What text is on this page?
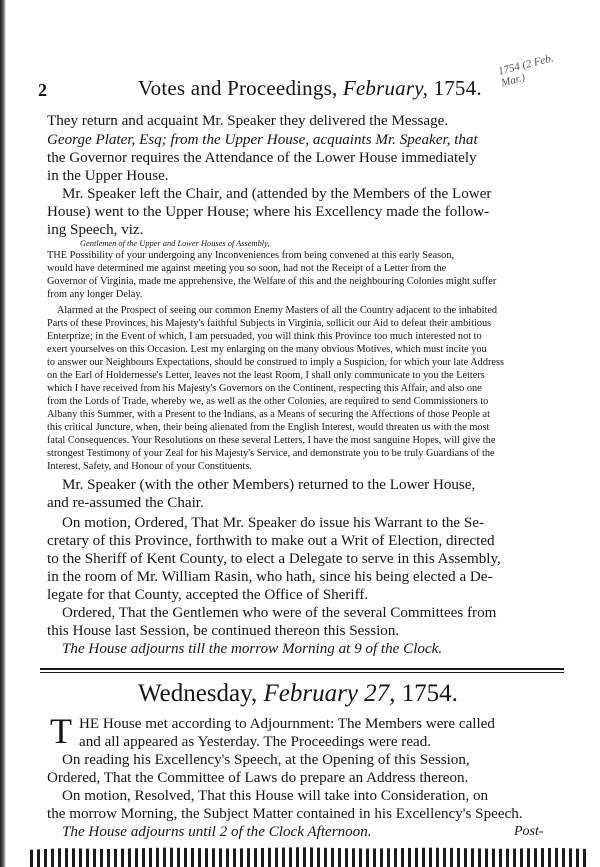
2	Votes and Proceedings, February, 1754.
1754 (2 Feb. Mar.)
They return and acquaint Mr. Speaker they delivered the Message.
George Plater, Esq; from the Upper House, acquaints Mr. Speaker, that
the Governor requires the Attendance of the Lower House immediately
in the Upper House.
Mr. Speaker left the Chair, and (attended by the Members of the Lower
House) went to the Upper House; where his Excellency made the follow-
ing Speech, viz.
Gentlemen of the Upper and Lower Houses of Assembly,
THE Possibility of your undergoing any Inconveniences from being convened at this early Season,
would have determined me against meeting you so soon, had not the Receipt of a Letter from the
Governor of Virginia, made me apprehensive, the Welfare of this and the neighbouring Colonies might suffer
from any longer Delay.
Alarmed at the Prospect of seeing our common Enemy Masters of all the Country adjacent to the inhabited
Parts of these Provinces, his Majesty's faithful Subjects in Virginia, sollicit our Aid to defeat their ambitious
Enterprize; in the Event of which, I am persuaded, you will think this Province too much interested not to
exert yourselves on this Occasion. Lest my enlarging on the many obvious Motives, which must incite you
to answer our Neighbours Expectations, should be construed to imply a Suspicion, for which your late Address
on the Earl of Holdernesse's Letter, leaves not the least Room, I shall only communicate to you the Letters
which I have received from his Majesty's Governors on the Continent, respecting this Affair, and also one
from the Lords of Trade, whereby we, as well as the other Colonies, are required to send Commissioners to
Albany this Summer, with a Present to the Indians, as a Means of securing the Affections of those People at
this critical Juncture, when, their being alienated from the English Interest, would threaten us with the most
fatal Consequences. Your Resolutions on these several Letters, I have the most sanguine Hopes, will give the
strongest Testimony of your Zeal for his Majesty's Service, and demonstrate you to be truly Guardians of the
Interest, Safety, and Honour of your Constituents.
Mr. Speaker (with the other Members) returned to the Lower House,
and re-assumed the Chair.
On motion, Ordered, That Mr. Speaker do issue his Warrant to the Se-
cretary of this Province, forthwith to make out a Writ of Election, directed
to the Sheriff of Kent County, to elect a Delegate to serve in this Assembly,
in the room of Mr. William Rasin, who hath, since his being elected a De-
legate for that County, accepted the Office of Sheriff.
Ordered, That the Gentlemen who were of the several Committees from
this House last Session, be continued thereon this Session.
The House adjourns till the morrow Morning at 9 of the Clock.
Wednesday, February 27, 1754.
T HE House met according to Adjournment: The Members were called
and all appeared as Yesterday. The Proceedings were read.
On reading his Excellency's Speech, at the Opening of this Session,
Ordered, That the Committee of Laws do prepare an Address thereon.
On motion, Resolved, That this House will take into Consideration, on
the morrow Morning, the Subject Matter contained in his Excellency's Speech.
The House adjourns until 2 of the Clock Afternoon.	Post-
